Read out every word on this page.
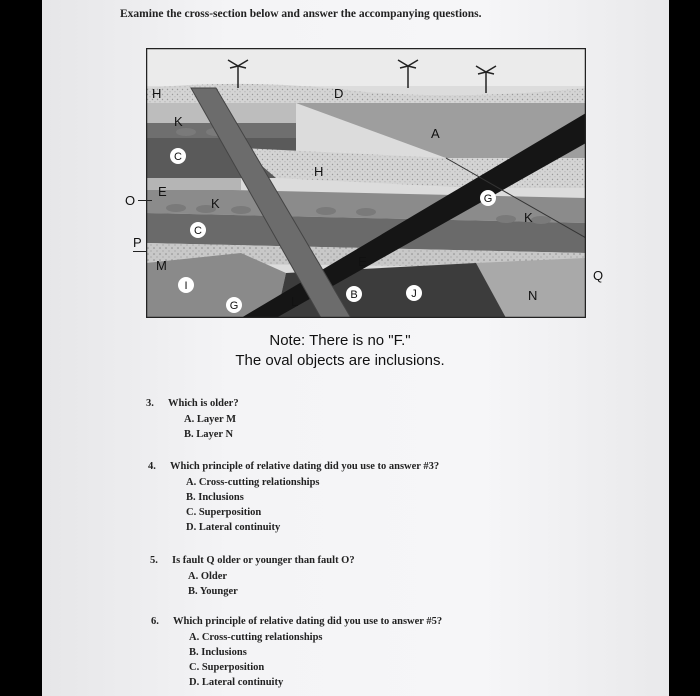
Examine the cross-section below and answer the accompanying questions.
H	D
K
A
H
E
K
K
M	E
L	N
C
C
G
I
B	J
G
O
P
Q
Note: There is no "F."
The oval objects are inclusions.
3. Which is older?
A. Layer M
B. Layer N
4. Which principle of relative dating did you use to answer #3?
A. Cross-cutting relationships
B. Inclusions
C. Superposition
D. Lateral continuity
5. Is fault Q older or younger than fault O?
A. Older
B. Younger
6. Which principle of relative dating did you use to answer #5?
A. Cross-cutting relationships
B. Inclusions
C. Superposition
D. Lateral continuity
